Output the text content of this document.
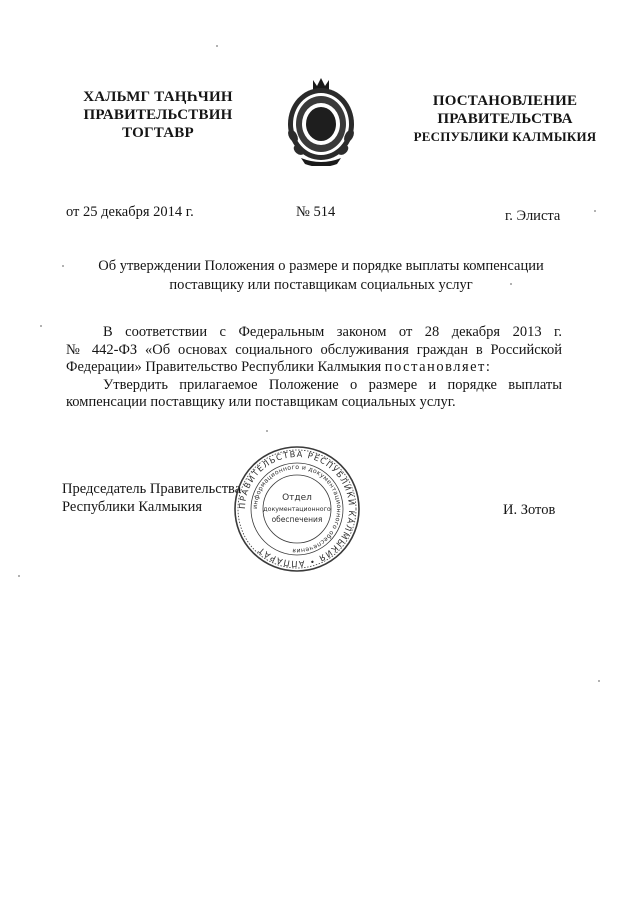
ХАЛЬМГ ТАҢҺЧИН
ПРАВИТЕЛЬСТВИН
ТОГТАВР
ПОСТАНОВЛЕНИЕ
ПРАВИТЕЛЬСТВА
РЕСПУБЛИКИ КАЛМЫКИЯ
от 25 декабря 2014 г.	№ 514	г. Элиста
Об утверждении Положения о размере и порядке выплаты компенсации
поставщику или поставщикам социальных услуг

В соответствии с Федеральным законом от 28 декабря 2013 г.

№ 442-ФЗ «Об основах социального обслуживания граждан в Российской

Федерации» Правительство Республики Калмыкия постановляет:

Утвердить прилагаемое Положение о размере и порядке выплаты

компенсации поставщику или поставщикам социальных услуг.

Председатель Правительства
Республики Калмыкия	И. Зотов
ПРАВИТЕЛЬСТВА РЕСПУБЛИКИ КАЛМЫКИЯ • АППАРАТ
информационного и документационного обеспечения
Отдел
документационного
обеспечения
